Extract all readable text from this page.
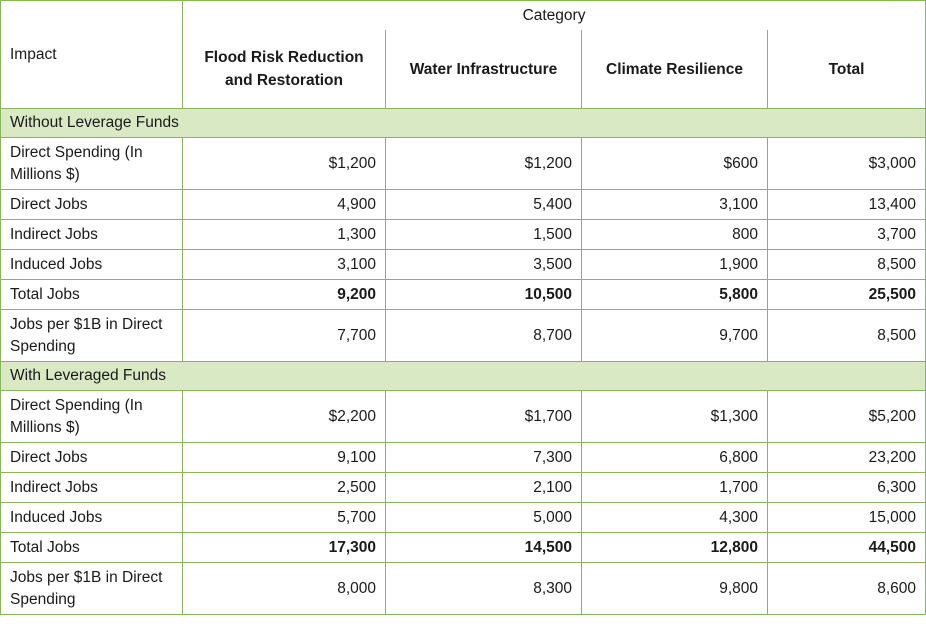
Impact	Category			
	Flood Risk Reduction and Restoration	Water Infrastructure	Climate Resilience	Total
Without Leverage Funds				
Direct Spending (In Millions $)	$1,200	$1,200	$600	$3,000
Direct Jobs	4,900	5,400	3,100	13,400
Indirect Jobs	1,300	1,500	800	3,700
Induced Jobs	3,100	3,500	1,900	8,500
Total Jobs	9,200	10,500	5,800	25,500
Jobs per $1B in Direct Spending	7,700	8,700	9,700	8,500
With Leveraged Funds				
Direct Spending (In Millions $)	$2,200	$1,700	$1,300	$5,200
Direct Jobs	9,100	7,300	6,800	23,200
Indirect Jobs	2,500	2,100	1,700	6,300
Induced Jobs	5,700	5,000	4,300	15,000
Total Jobs	17,300	14,500	12,800	44,500
Jobs per $1B in Direct Spending	8,000	8,300	9,800	8,600
